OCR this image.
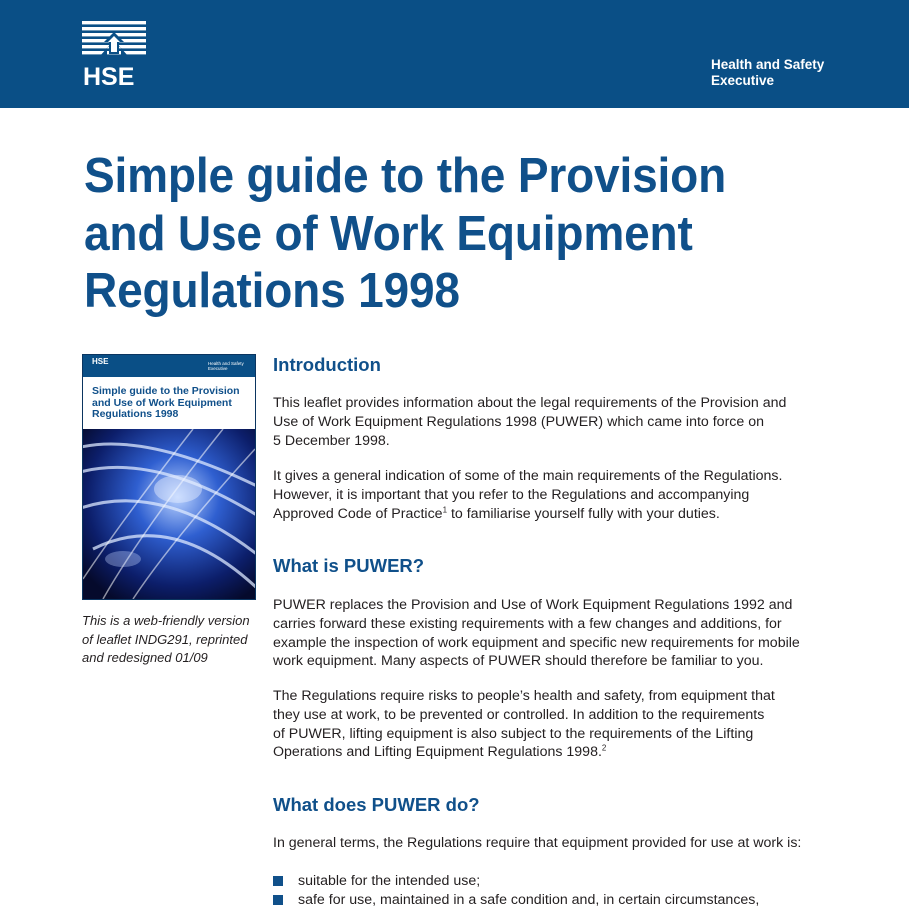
HSE	Health and Safety
Executive
Simple guide to the Provision
and Use of Work Equipment
Regulations 1998
HSE	Health and Safety
Executive
Simple guide to the Provision
and Use of Work Equipment
Regulations 1998
This is a web-friendly version
of leaflet INDG291, reprinted
and redesigned 01/09
Introduction

This leaflet provides information about the legal requirements of the Provision and
Use of Work Equipment Regulations 1998 (PUWER) which came into force on
5 December 1998.

It gives a general indication of some of the main requirements of the Regulations.
However, it is important that you refer to the Regulations and accompanying
Approved Code of Practice$^1$ to familiarise yourself fully with your duties.

What is PUWER?

PUWER replaces the Provision and Use of Work Equipment Regulations 1992 and
carries forward these existing requirements with a few changes and additions, for
example the inspection of work equipment and specific new requirements for mobile
work equipment. Many aspects of PUWER should therefore be familiar to you.

The Regulations require risks to people’s health and safety, from equipment that
they use at work, to be prevented or controlled. In addition to the requirements
of PUWER, lifting equipment is also subject to the requirements of the Lifting
Operations and Lifting Equipment Regulations 1998.$^2$

What does PUWER do?

In general terms, the Regulations require that equipment provided for use at work is:

suitable for the intended use;
safe for use, maintained in a safe condition and, in certain circumstances,
